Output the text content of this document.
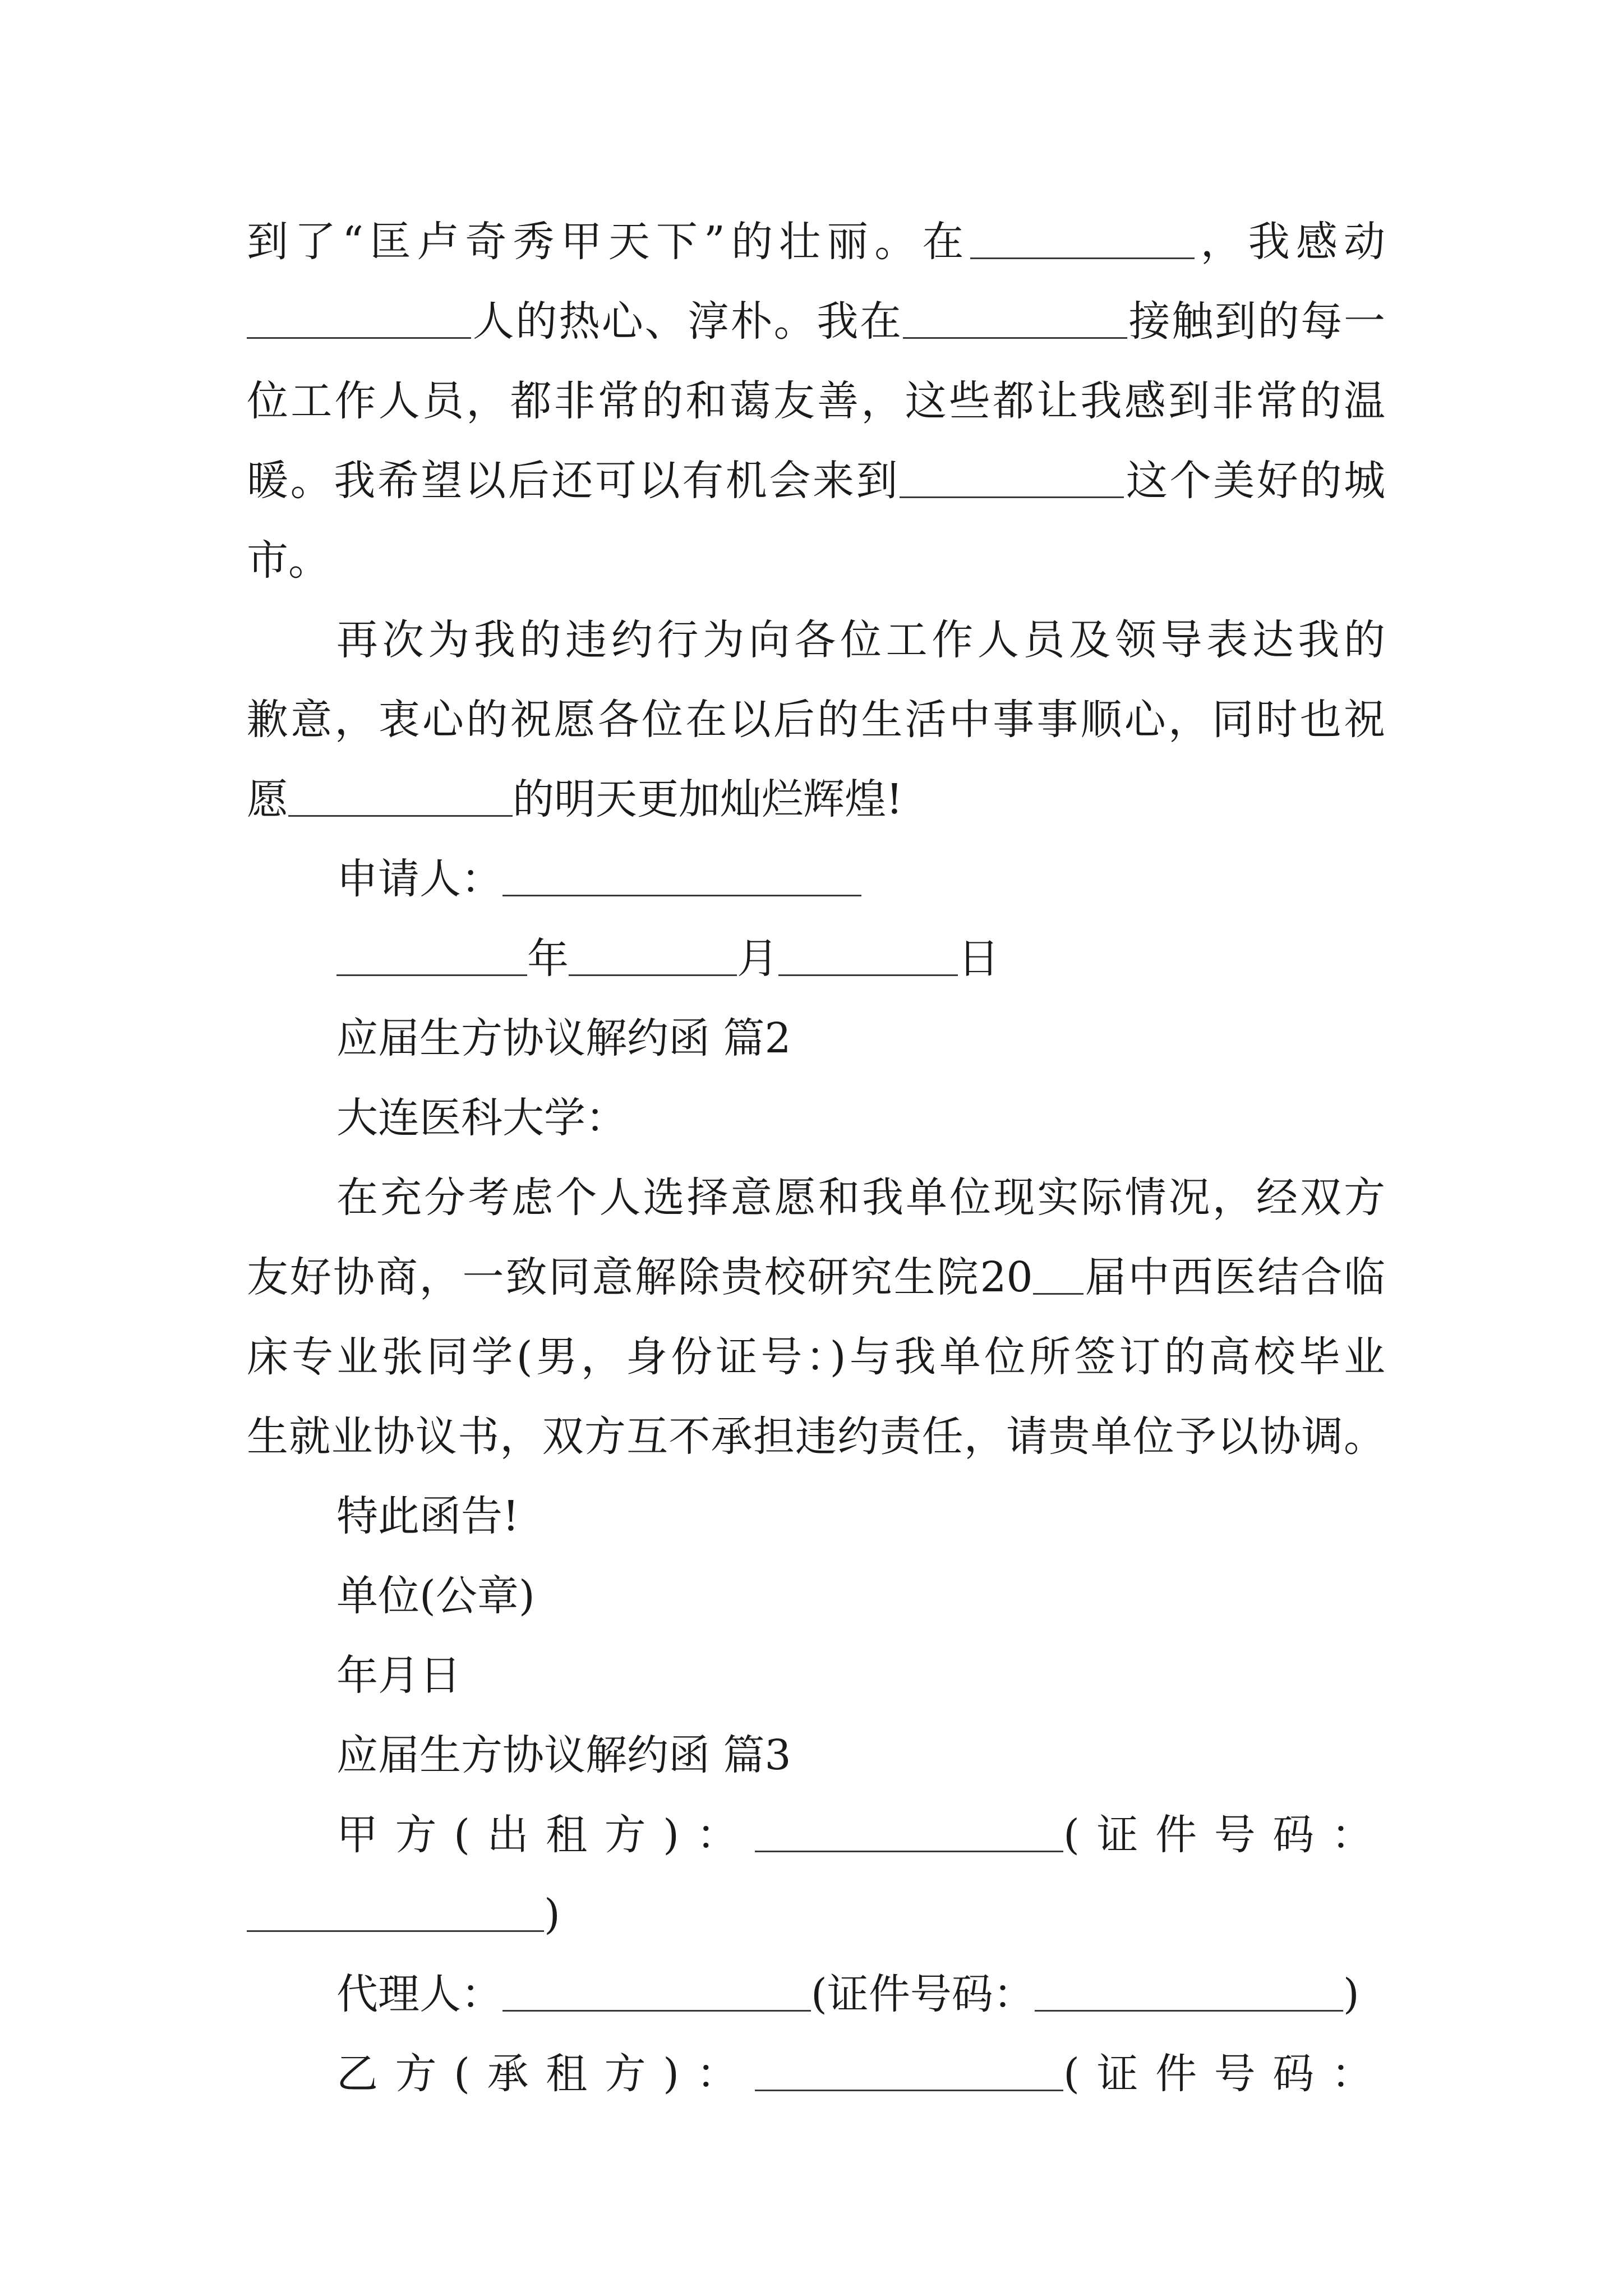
到了“匡卢奇秀甲天下”的壮丽。在	，我感动
人的热心、淳朴。我在	接触到的每一
位工作人员，都非常的和蔼友善，这些都让我感到非常的温
暖。我希望以后还可以有机会来到	这个美好的城
市。
再次为我的违约行为向各位工作人员及领导表达我的
歉意，衷心的祝愿各位在以后的生活中事事顺心，同时也祝
愿	的明天更加灿烂辉煌!
申请人：
年	月	日
应届生方协议解约函 篇2
大连医科大学：
在充分考虑个人选择意愿和我单位现实际情况，经双方
友好协商，一致同意解除贵校研究生院20 届中西医结合临
床专业张同学(男，身份证号：)与我单位所签订的高校毕业
生就业协议书，双方互不承担违约责任，请贵单位予以协调。
特此函告!
单位(公章)
年月日
应届生方协议解约函 篇3
甲方(出租方)：	(证件号码：
)
代理人：	(证件号码：	)
乙方(承租方)：	(证件号码：
